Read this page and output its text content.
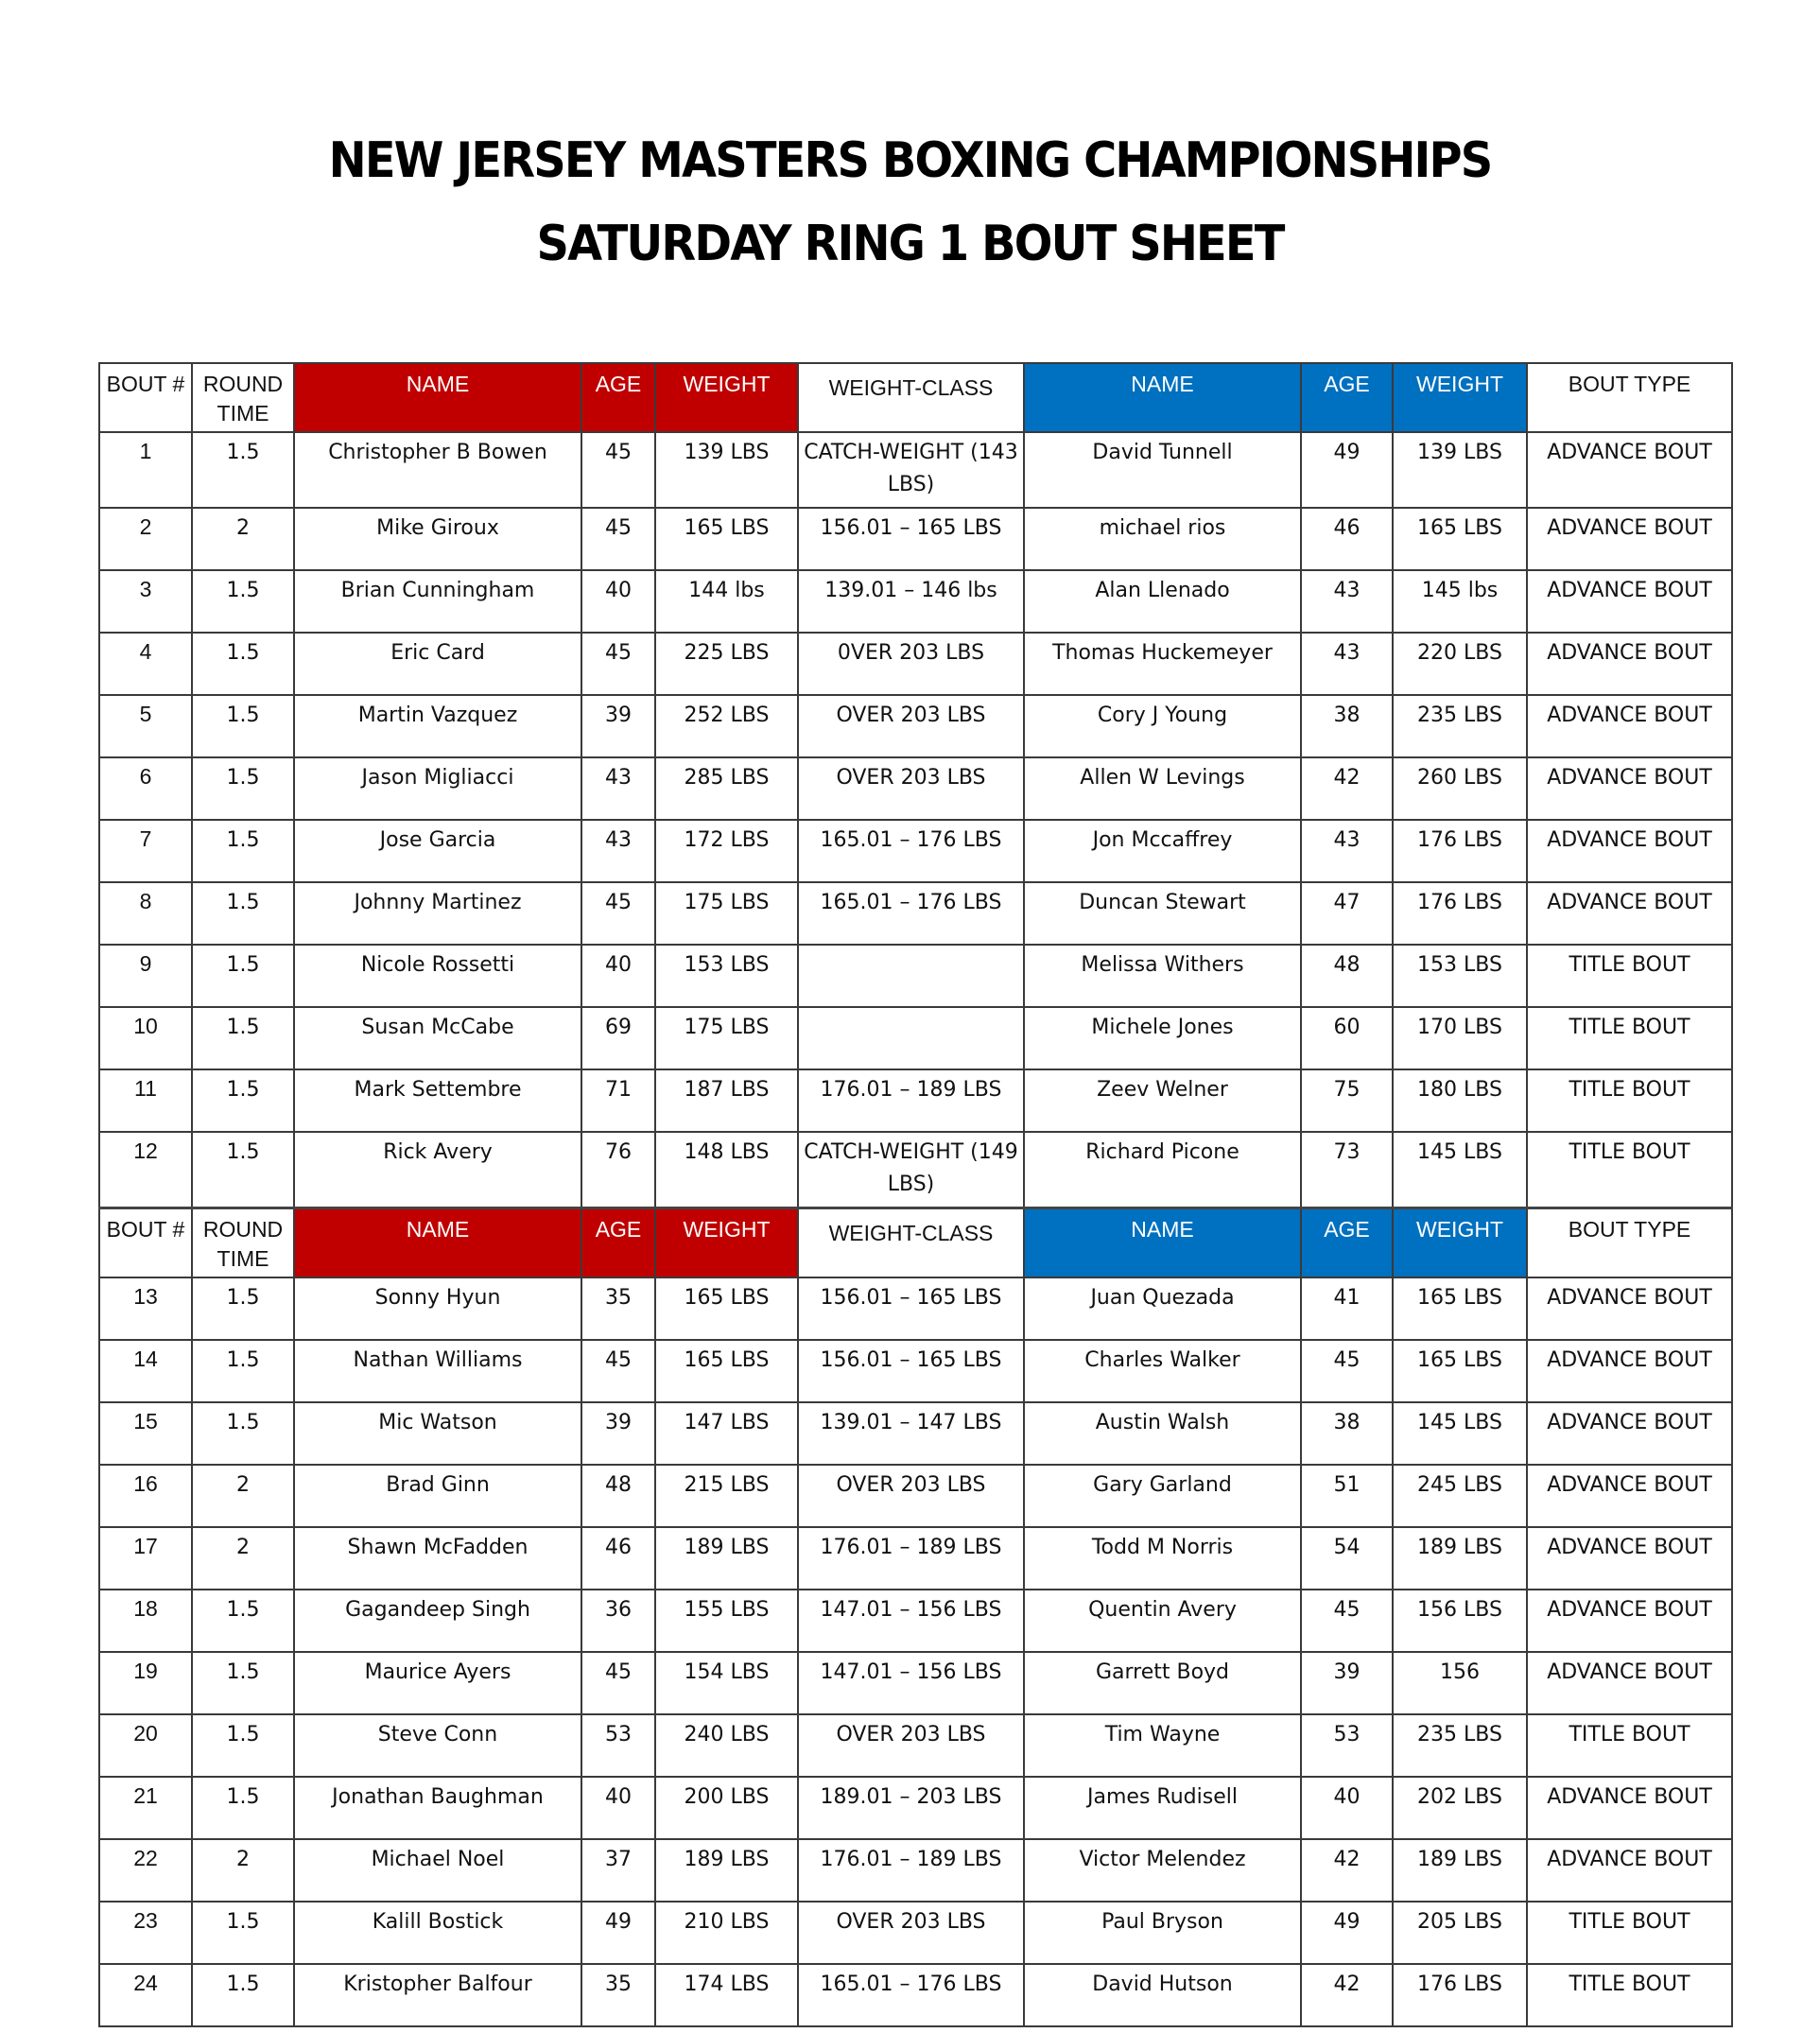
NEW JERSEY MASTERS BOXING CHAMPIONSHIPS
SATURDAY RING 1 BOUT SHEET
BOUT #	ROUND TIME	NAME	AGE	WEIGHT	WEIGHT-CLASS	NAME	AGE	WEIGHT	BOUT TYPE
1	1.5	Christopher B Bowen	45	139 LBS	CATCH-WEIGHT (143 LBS)	David Tunnell	49	139 LBS	ADVANCE BOUT
2	2	Mike Giroux	45	165 LBS	156.01 – 165 LBS	michael rios	46	165 LBS	ADVANCE BOUT
3	1.5	Brian Cunningham	40	144 lbs	139.01 – 146 lbs	Alan Llenado	43	145 lbs	ADVANCE BOUT
4	1.5	Eric Card	45	225 LBS	0VER 203 LBS	Thomas Huckemeyer	43	220 LBS	ADVANCE BOUT
5	1.5	Martin Vazquez	39	252 LBS	OVER 203 LBS	Cory J Young	38	235 LBS	ADVANCE BOUT
6	1.5	Jason Migliacci	43	285 LBS	OVER 203 LBS	Allen W Levings	42	260 LBS	ADVANCE BOUT
7	1.5	Jose Garcia	43	172 LBS	165.01 – 176 LBS	Jon Mccaffrey	43	176 LBS	ADVANCE BOUT
8	1.5	Johnny Martinez	45	175 LBS	165.01 – 176 LBS	Duncan Stewart	47	176 LBS	ADVANCE BOUT
9	1.5	Nicole Rossetti	40	153 LBS		Melissa Withers	48	153 LBS	TITLE BOUT
10	1.5	Susan McCabe	69	175 LBS		Michele Jones	60	170 LBS	TITLE BOUT
11	1.5	Mark Settembre	71	187 LBS	176.01 – 189 LBS	Zeev Welner	75	180 LBS	TITLE BOUT
12	1.5	Rick Avery	76	148 LBS	CATCH-WEIGHT (149 LBS)	Richard Picone	73	145 LBS	TITLE BOUT
BOUT #	ROUND TIME	NAME	AGE	WEIGHT	WEIGHT-CLASS	NAME	AGE	WEIGHT	BOUT TYPE
13	1.5	Sonny Hyun	35	165 LBS	156.01 – 165 LBS	Juan Quezada	41	165 LBS	ADVANCE BOUT
14	1.5	Nathan Williams	45	165 LBS	156.01 – 165 LBS	Charles Walker	45	165 LBS	ADVANCE BOUT
15	1.5	Mic Watson	39	147 LBS	139.01 – 147 LBS	Austin Walsh	38	145 LBS	ADVANCE BOUT
16	2	Brad Ginn	48	215 LBS	OVER 203 LBS	Gary Garland	51	245 LBS	ADVANCE BOUT
17	2	Shawn McFadden	46	189 LBS	176.01 – 189 LBS	Todd M Norris	54	189 LBS	ADVANCE BOUT
18	1.5	Gagandeep Singh	36	155 LBS	147.01 – 156 LBS	Quentin Avery	45	156 LBS	ADVANCE BOUT
19	1.5	Maurice Ayers	45	154 LBS	147.01 – 156 LBS	Garrett Boyd	39	156	ADVANCE BOUT
20	1.5	Steve Conn	53	240 LBS	OVER 203 LBS	Tim Wayne	53	235 LBS	TITLE BOUT
21	1.5	Jonathan Baughman	40	200 LBS	189.01 – 203 LBS	James Rudisell	40	202 LBS	ADVANCE BOUT
22	2	Michael Noel	37	189 LBS	176.01 – 189 LBS	Victor Melendez	42	189 LBS	ADVANCE BOUT
23	1.5	Kalill Bostick	49	210 LBS	OVER 203 LBS	Paul Bryson	49	205 LBS	TITLE BOUT
24	1.5	Kristopher Balfour	35	174 LBS	165.01 – 176 LBS	David Hutson	42	176 LBS	TITLE BOUT
